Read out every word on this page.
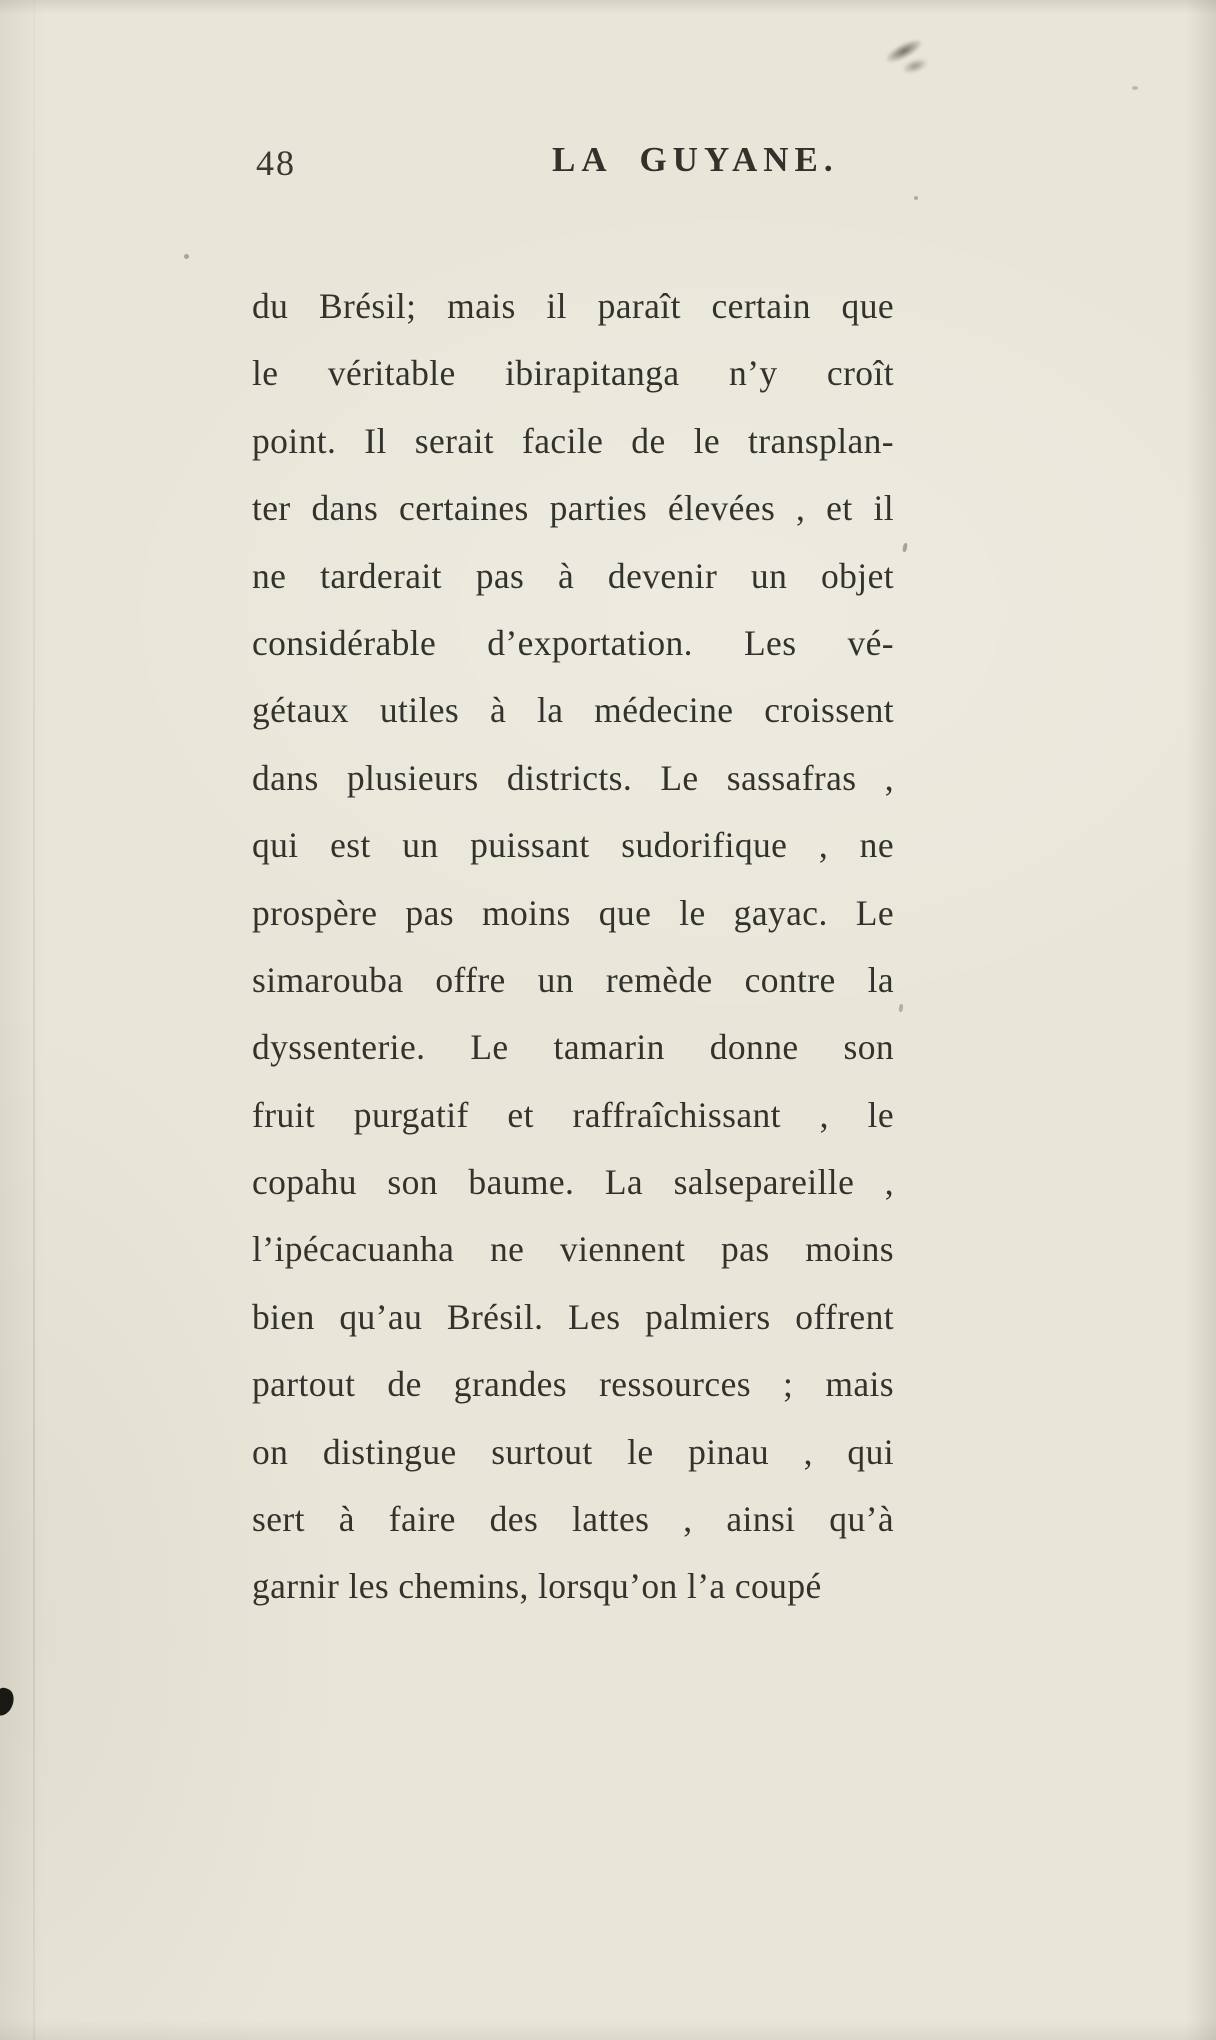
48	LA GUYANE.
du Brésil; mais il paraît certain que
le véritable ibirapitanga n’y croît
point. Il serait facile de le transplan-
ter dans certaines parties élevées , et il
ne tarderait pas à devenir un objet
considérable d’exportation. Les vé-
gétaux utiles à la médecine croissent
dans plusieurs districts. Le sassafras ,
qui est un puissant sudorifique , ne
prospère pas moins que le gayac. Le
simarouba offre un remède contre la
dyssenterie. Le tamarin donne son
fruit purgatif et raffraîchissant , le
copahu son baume. La salsepareille ,
l’ipécacuanha ne viennent pas moins
bien qu’au Brésil. Les palmiers offrent
partout de grandes ressources ; mais
on distingue surtout le pinau , qui
sert à faire des lattes , ainsi qu’à
garnir les chemins, lorsqu’on l’a coupé
